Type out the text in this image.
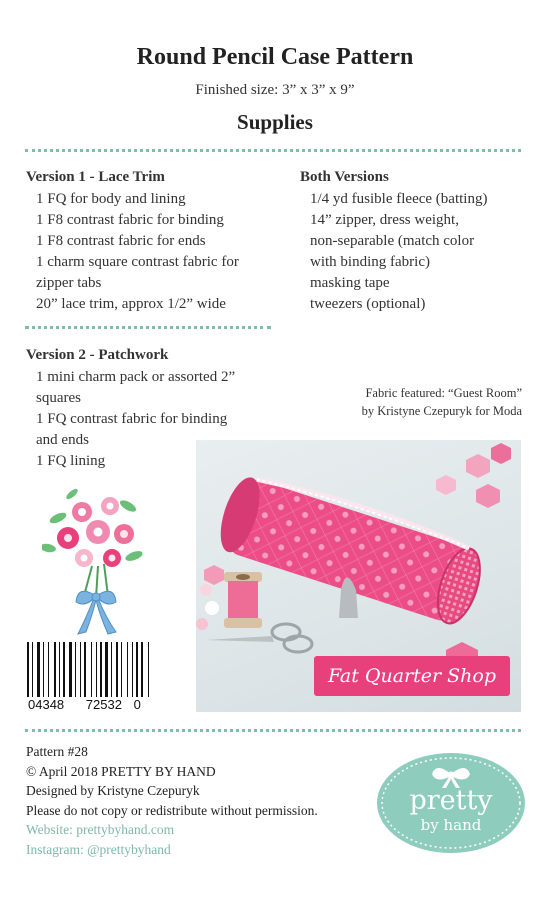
Round Pencil Case Pattern
Finished size: 3” x 3” x 9”
Supplies
Version 1 - Lace Trim
1 FQ for body and lining
1 F8 contrast fabric for binding
1 F8 contrast fabric for ends
1 charm square contrast fabric for
zipper tabs
20” lace trim, approx 1/2” wide
Both Versions
1/4 yd fusible fleece (batting)
14” zipper, dress weight,
non-separable (match color
with binding fabric)
masking tape
tweezers (optional)
Version 2 - Patchwork
1 mini charm pack or assorted 2”
squares
1 FQ contrast fabric for binding
and ends
1 FQ lining
Fabric featured: “Guest Room”
by Kristyne Czepuryk for Moda
Fat Quarter Shop
04348 72532 0
Pattern #28
© April 2018 PRETTY BY HAND
Designed by Kristyne Czepuryk
Please do not copy or redistribute without permission.
Website: prettybyhand.com
Instagram: @prettybyhand
pretty
by hand
